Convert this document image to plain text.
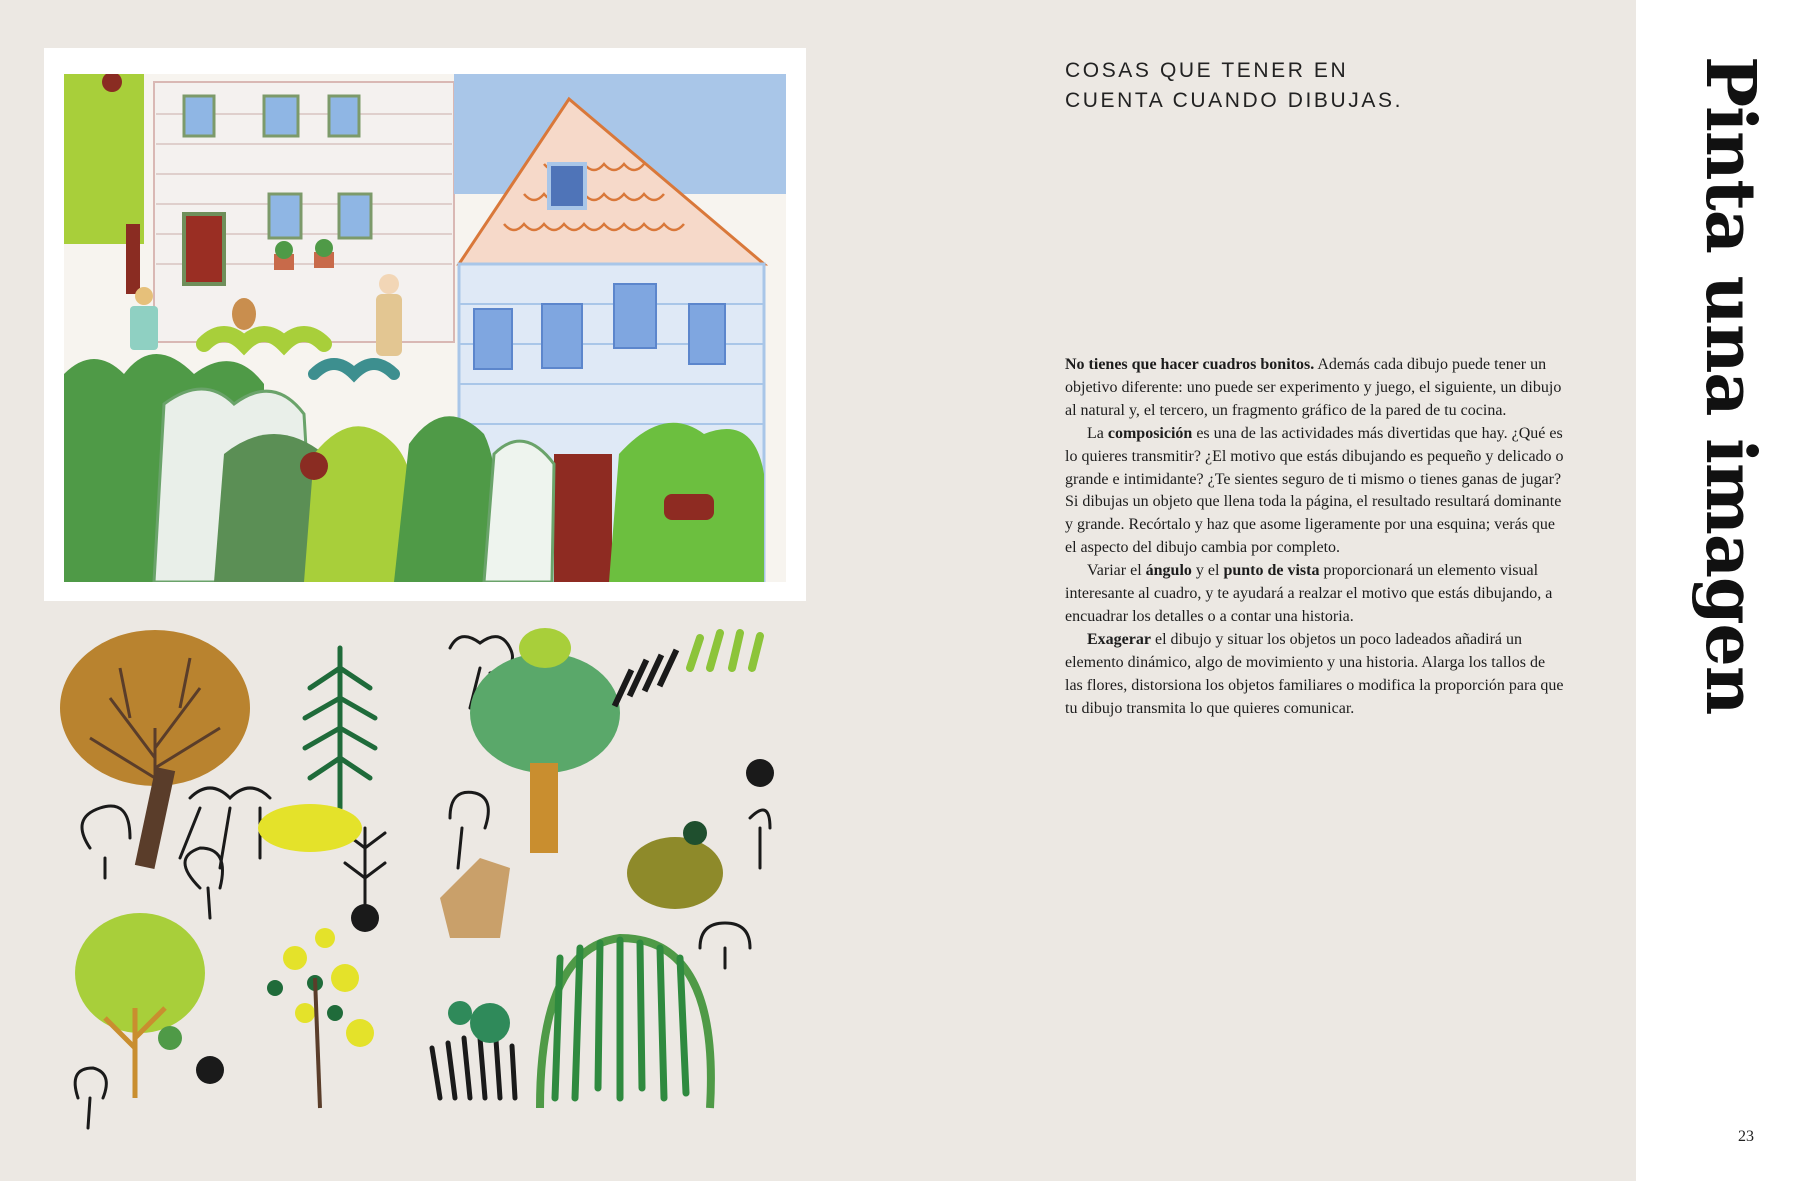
COSAS QUE TENER EN
CUENTA CUANDO DIBUJAS.

No tienes que hacer cuadros bonitos. Además cada dibujo puede tener un objetivo diferente: uno puede ser experimento y juego, el siguiente, un dibujo al natural y, el tercero, un fragmento gráfico de la pared de tu cocina.

La composición es una de las actividades más divertidas que hay. ¿Qué es lo quieres transmitir? ¿El motivo que estás dibujando es pequeño y delicado o grande e intimidante? ¿Te sientes seguro de ti mismo o tienes ganas de jugar? Si dibujas un objeto que llena toda la página, el resultado resultará dominante y grande. Recórtalo y haz que asome ligeramente por una esquina; verás que el aspecto del dibujo cambia por completo.

Variar el ángulo y el punto de vista proporcionará un elemento visual interesante al cuadro, y te ayudará a realzar el motivo que estás dibujando, a encuadrar los detalles o a contar una historia.

Exagerar el dibujo y situar los objetos un poco ladeados añadirá un elemento dinámico, algo de movimiento y una historia. Alarga los tallos de las flores, distorsiona los objetos familiares o modifica la proporción para que tu dibujo transmita lo que quieres comunicar.	Pinta una imagen
23
